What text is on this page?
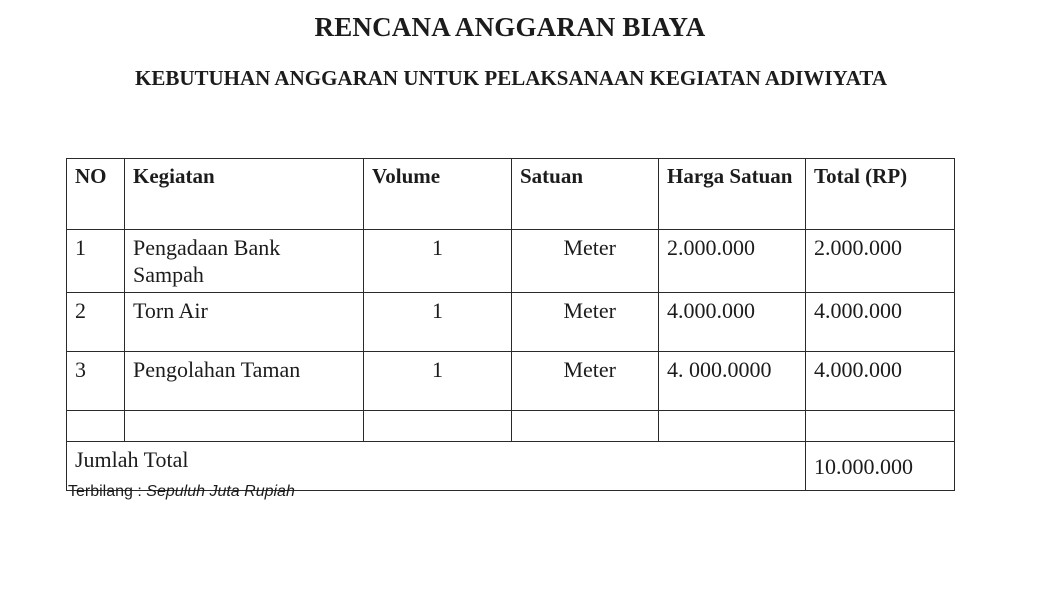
RENCANA ANGGARAN BIAYA
KEBUTUHAN ANGGARAN UNTUK PELAKSANAAN KEGIATAN ADIWIYATA
NO	Kegiatan	Volume	Satuan	Harga Satuan	Total (RP)
1	Pengadaan Bank Sampah	1	Meter	2.000.000	2.000.000
2	Torn Air	1	Meter	4.000.000	4.000.000
3	Pengolahan Taman	1	Meter	4. 000.0000	4.000.000

Jumlah Total					10.000.000
Terbilang : Sepuluh Juta Rupiah
